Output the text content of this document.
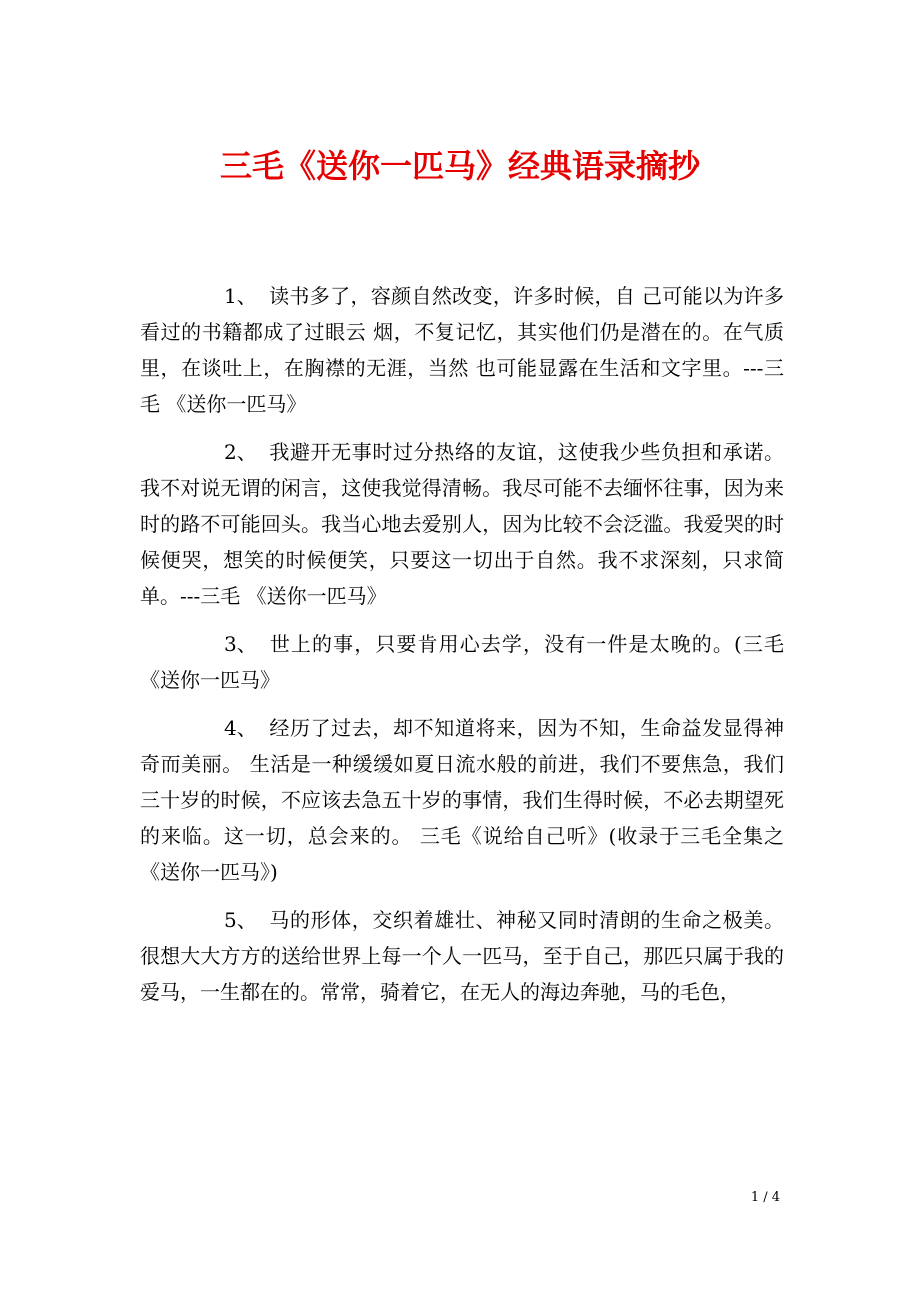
三毛《送你一匹马》经典语录摘抄

1、 读书多了，容颜自然改变，许多时候，自 己可能以为许多看过的书籍都成了过眼云 烟，不复记忆，其实他们仍是潜在的。在气质里，在谈吐上，在胸襟的无涯，当然 也可能显露在生活和文字里。---三毛 《送你一匹马》

2、 我避开无事时过分热络的友谊，这使我少些负担和承诺。我不对说无谓的闲言，这使我觉得清畅。我尽可能不去缅怀往事，因为来时的路不可能回头。我当心地去爱别人，因为比较不会泛滥。我爱哭的时候便哭，想笑的时候便笑，只要这一切出于自然。我不求深刻，只求简单。---三毛 《送你一匹马》

3、 世上的事，只要肯用心去学，没有一件是太晚的。(三毛《送你一匹马》

4、 经历了过去，却不知道将来，因为不知，生命益发显得神奇而美丽。 生活是一种缓缓如夏日流水般的前进，我们不要焦急，我们三十岁的时候，不应该去急五十岁的事情，我们生得时候，不必去期望死的来临。这一切，总会来的。 三毛《说给自己听》(收录于三毛全集之《送你一匹马》)

5、 马的形体，交织着雄壮、神秘又同时清朗的生命之极美。很想大大方方的送给世界上每一个人一匹马，至于自己，那匹只属于我的爱马，一生都在的。常常，骑着它，在无人的海边奔驰，马的毛色，

1 / 4
